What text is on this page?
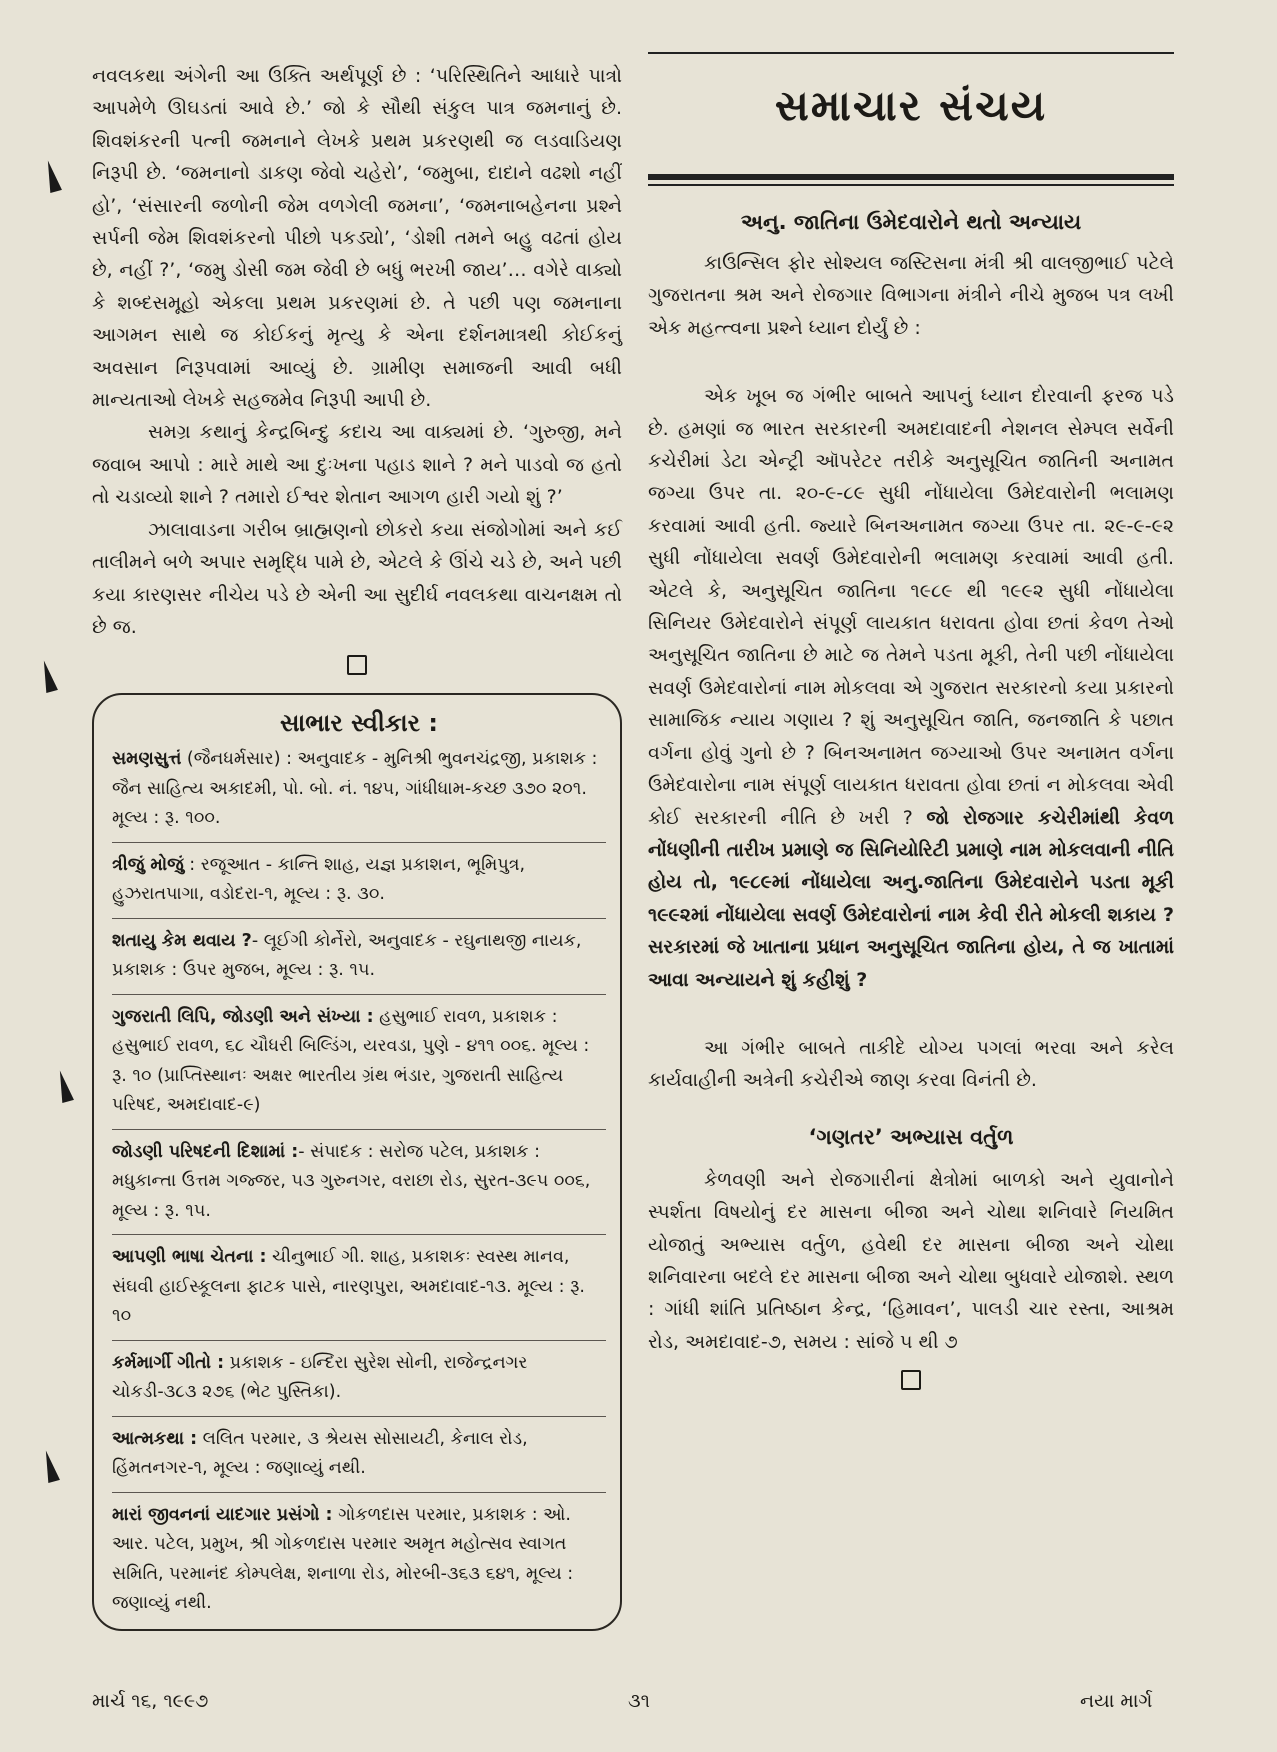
નવલકથા અંગેની આ ઉક્તિ અર્થપૂર્ણ છે : ‘પરિસ્થિતિને આધારે પાત્રો આપમેળે ઊઘડતાં આવે છે.’ જો કે સૌથી સંકુલ પાત્ર જમનાનું છે. શિવશંકરની પત્ની જમનાને લેખકે પ્રથમ પ્રકરણથી જ લડવાડિયણ નિરૂપી છે. ‘જમનાનો ડાકણ જેવો ચહેરો’, ‘જમુબા, દાદાને વઢશો નહીં હો’, ‘સંસારની જળોની જેમ વળગેલી જમના’, ‘જમનાબહેનના પ્રશ્ને સર્પની જેમ શિવશંકરનો પીછો પકડ્યો’, ‘ડોશી તમને બહુ વઢતાં હોય છે, નહીં ?’, ‘જમુ ડોસી જમ જેવી છે બધું ભરખી જાય’… વગેરે વાક્યો કે શબ્દસમૂહો એકલા પ્રથમ પ્રકરણમાં છે. તે પછી પણ જમનાના આગમન સાથે જ કોઈકનું મૃત્યુ કે એના દર્શનમાત્રથી કોઈકનું અવસાન નિરૂપવામાં આવ્યું છે. ગ્રામીણ સમાજની આવી બધી માન્યતાઓ લેખકે સહજમેવ નિરૂપી આપી છે.

સમગ્ર કથાનું કેન્દ્રબિન્દુ કદાચ આ વાક્યમાં છે. ‘ગુરુજી, મને જવાબ આપો : મારે માથે આ દુઃખના પહાડ શાને ? મને પાડવો જ હતો તો ચડાવ્યો શાને ? તમારો ઈશ્વર શેતાન આગળ હારી ગયો શું ?’

ઝાલાવાડના ગરીબ બ્રાહ્મણનો છોકરો કયા સંજોગોમાં અને કઈ તાલીમને બળે અપાર સમૃદ્ધિ પામે છે, એટલે કે ઊંચે ચડે છે, અને પછી કયા કારણસર નીચેય પડે છે એની આ સુદીર્ઘ નવલકથા વાચનક્ષમ તો છે જ.

સાભાર સ્વીકાર :
સમણસુત્તં (જૈનધર્મસાર) : અનુવાદક - મુનિશ્રી ભુવનચંદ્રજી, પ્રકાશક : જૈન સાહિત્ય અકાદમી, પો. બો. નં. ૧૪૫, ગાંધીધામ-કચ્છ ૩૭૦ ૨૦૧. મૂલ્ય : રૂ. ૧૦૦.
ત્રીજું મોજું : રજૂઆત - કાન્તિ શાહ, યજ્ઞ પ્રકાશન, ભૂમિપુત્ર, હુઝરાતપાગા, વડોદરા-૧, મૂલ્ય : રૂ. ૩૦.
શતાયુ કેમ થવાય ?- લૂઈગી કોર્નેરો, અનુવાદક - રઘુનાથજી નાયક, પ્રકાશક : ઉપર મુજબ, મૂલ્ય : રૂ. ૧૫.
ગુજરાતી લિપિ, જોડણી અને સંખ્યા : હસુભાઈ રાવળ, પ્રકાશક : હસુભાઈ રાવળ, ૬૮ ચૌધરી બિલ્ડિંગ, યરવડા, પુણે - ૪૧૧ ૦૦૬. મૂલ્ય : રૂ. ૧૦ (પ્રાપ્તિસ્થાનઃ અક્ષર ભારતીય ગ્રંથ ભંડાર, ગુજરાતી સાહિત્ય પરિષદ, અમદાવાદ-૯)
જોડણી પરિષદની દિશામાં :- સંપાદક : સરોજ પટેલ, પ્રકાશક : મધુકાન્તા ઉત્તમ ગજ્જર, ૫૩ ગુરુનગર, વરાછા રોડ, સુરત-૩૯૫ ૦૦૬, મૂલ્ય : રૂ. ૧૫.
આપણી ભાષા ચેતના : ચીનુભાઈ ગી. શાહ, પ્રકાશકઃ સ્વસ્થ માનવ, સંઘવી હાઈસ્કૂલના ફાટક પાસે, નારણપુરા, અમદાવાદ-૧૩. મૂલ્ય : રૂ. ૧૦
કર્મમાર્ગી ગીતો : પ્રકાશક - ઇન્દિરા સુરેશ સોની, રાજેન્દ્રનગર ચોકડી-૩૮૩ ૨૭૬ (ભેટ પુસ્તિકા).
આત્મકથા : લલિત પરમાર, ૩ શ્રેયસ સોસાયટી, કેનાલ રોડ, હિંમતનગર-૧, મૂલ્ય : જણાવ્યું નથી.
મારાં જીવનનાં યાદગાર પ્રસંગો : ગોકળદાસ પરમાર, પ્રકાશક : ઓ. આર. પટેલ, પ્રમુખ, શ્રી ગોકળદાસ પરમાર અમૃત મહોત્સવ સ્વાગત સમિતિ, પરમાનંદ કોમ્પલેક્ષ, શનાળા રોડ, મોરબી-૩૬૩ ૬૪૧, મૂલ્ય : જણાવ્યું નથી.
સમાચાર સંચય
અનુ. જાતિના ઉમેદવારોને થતો અન્યાય

કાઉન્સિલ ફોર સોશ્યલ જસ્ટિસના મંત્રી શ્રી વાલજીભાઈ પટેલે ગુજરાતના શ્રમ અને રોજગાર વિભાગના મંત્રીને નીચે મુજબ પત્ર લખી એક મહત્ત્વના પ્રશ્ને ધ્યાન દોર્યું છે :

એક ખૂબ જ ગંભીર બાબતે આપનું ધ્યાન દોરવાની ફરજ પડે છે. હમણાં જ ભારત સરકારની અમદાવાદની નેશનલ સેમ્પલ સર્વેની કચેરીમાં ડેટા એન્ટ્રી ઑપરેટર તરીકે અનુસૂચિત જાતિની અનામત જગ્યા ઉપર તા. ૨૦-૯-૮૯ સુધી નોંધાયેલા ઉમેદવારોની ભલામણ કરવામાં આવી હતી. જ્યારે બિનઅનામત જગ્યા ઉપર તા. ૨૯-૯-૯૨ સુધી નોંધાયેલા સવર્ણ ઉમેદવારોની ભલામણ કરવામાં આવી હતી. એટલે કે, અનુસૂચિત જાતિના ૧૯૮૯ થી ૧૯૯૨ સુધી નોંધાયેલા સિનિયર ઉમેદવારોને સંપૂર્ણ લાયકાત ધરાવતા હોવા છતાં કેવળ તેઓ અનુસૂચિત જાતિના છે માટે જ તેમને પડતા મૂકી, તેની પછી નોંધાયેલા સવર્ણ ઉમેદવારોનાં નામ મોકલવા એ ગુજરાત સરકારનો કયા પ્રકારનો સામાજિક ન્યાય ગણાય ? શું અનુસૂચિત જાતિ, જનજાતિ કે પછાત વર્ગના હોવું ગુનો છે ? બિનઅનામત જગ્યાઓ ઉપર અનામત વર્ગના ઉમેદવારોના નામ સંપૂર્ણ લાયકાત ધરાવતા હોવા છતાં ન મોકલવા એવી કોઈ સરકારની નીતિ છે ખરી ? જો રોજગાર કચેરીમાંથી કેવળ નોંધણીની તારીખ પ્રમાણે જ સિનિયોરિટી પ્રમાણે નામ મોકલવાની નીતિ હોય તો, ૧૯૮૯માં નોંધાયેલા અનુ.જાતિના ઉમેદવારોને પડતા મૂકી ૧૯૯૨માં નોંધાયેલા સવર્ણ ઉમેદવારોનાં નામ કેવી રીતે મોકલી શકાય ? સરકારમાં જે ખાતાના પ્રધાન અનુસૂચિત જાતિના હોય, તે જ ખાતામાં આવા અન્યાયને શું કહીશું ?

આ ગંભીર બાબતે તાકીદે યોગ્ય પગલાં ભરવા અને કરેલ કાર્યવાહીની અત્રેની કચેરીએ જાણ કરવા વિનંતી છે.

‘ગણતર’ અભ્યાસ વર્તુળ

કેળવણી અને રોજગારીનાં ક્ષેત્રોમાં બાળકો અને યુવાનોને સ્પર્શતા વિષયોનું દર માસના બીજા અને ચોથા શનિવારે નિયમિત યોજાતું અભ્યાસ વર્તુળ, હવેથી દર માસના બીજા અને ચોથા શનિવારના બદલે દર માસના બીજા અને ચોથા બુધવારે યોજાશે. સ્થળ : ગાંધી શાંતિ પ્રતિષ્ઠાન કેન્દ્ર, ‘હિમાવન’, પાલડી ચાર રસ્તા, આશ્રમ રોડ, અમદાવાદ-૭, સમય : સાંજે ૫ થી ૭

માર્ચ ૧૬, ૧૯૯૭	૩૧	નયા માર્ગ
